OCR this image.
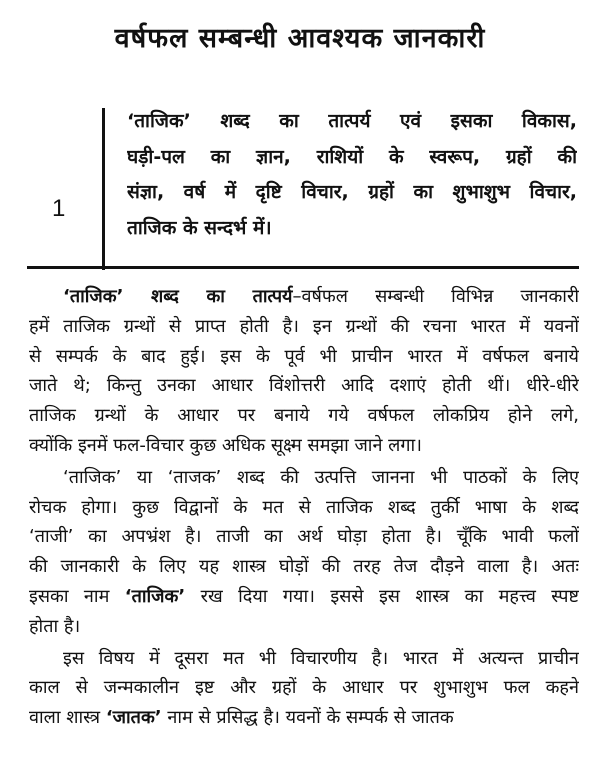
वर्षफल सम्बन्धी आवश्यक जानकारी
1
‘ताजिक’ शब्द का तात्पर्य एवं इसका विकास,
घड़ी-पल का ज्ञान, राशियों के स्वरूप, ग्रहों की
संज्ञा, वर्ष में दृष्टि विचार, ग्रहों का शुभाशुभ विचार,
ताजिक के सन्दर्भ में।
‘ताजिक’ शब्द का तात्पर्य–वर्षफल सम्बन्धी विभिन्न जानकारी
हमें ताजिक ग्रन्थों से प्राप्त होती है। इन ग्रन्थों की रचना भारत में यवनों
से सम्पर्क के बाद हुई। इस के पूर्व भी प्राचीन भारत में वर्षफल बनाये
जाते थे; किन्तु उनका आधार विंशोत्तरी आदि दशाएं होती थीं। धीरे-धीरे
ताजिक ग्रन्थों के आधार पर बनाये गये वर्षफल लोकप्रिय होने लगे,
क्योंकि इनमें फल-विचार कुछ अधिक सूक्ष्म समझा जाने लगा।
‘ताजिक’ या ‘ताजक’ शब्द की उत्पत्ति जानना भी पाठकों के लिए
रोचक होगा। कुछ विद्वानों के मत से ताजिक शब्द तुर्की भाषा के शब्द
‘ताजी’ का अपभ्रंश है। ताजी का अर्थ घोड़ा होता है। चूँकि भावी फलों
की जानकारी के लिए यह शास्त्र घोड़ों की तरह तेज दौड़ने वाला है। अतः
इसका नाम ‘ताजिक’ रख दिया गया। इससे इस शास्त्र का महत्त्व स्पष्ट
होता है।
इस विषय में दूसरा मत भी विचारणीय है। भारत में अत्यन्त प्राचीन
काल से जन्मकालीन इष्ट और ग्रहों के आधार पर शुभाशुभ फल कहने
वाला शास्त्र ‘जातक’ नाम से प्रसिद्ध है। यवनों के सम्पर्क से जातक
